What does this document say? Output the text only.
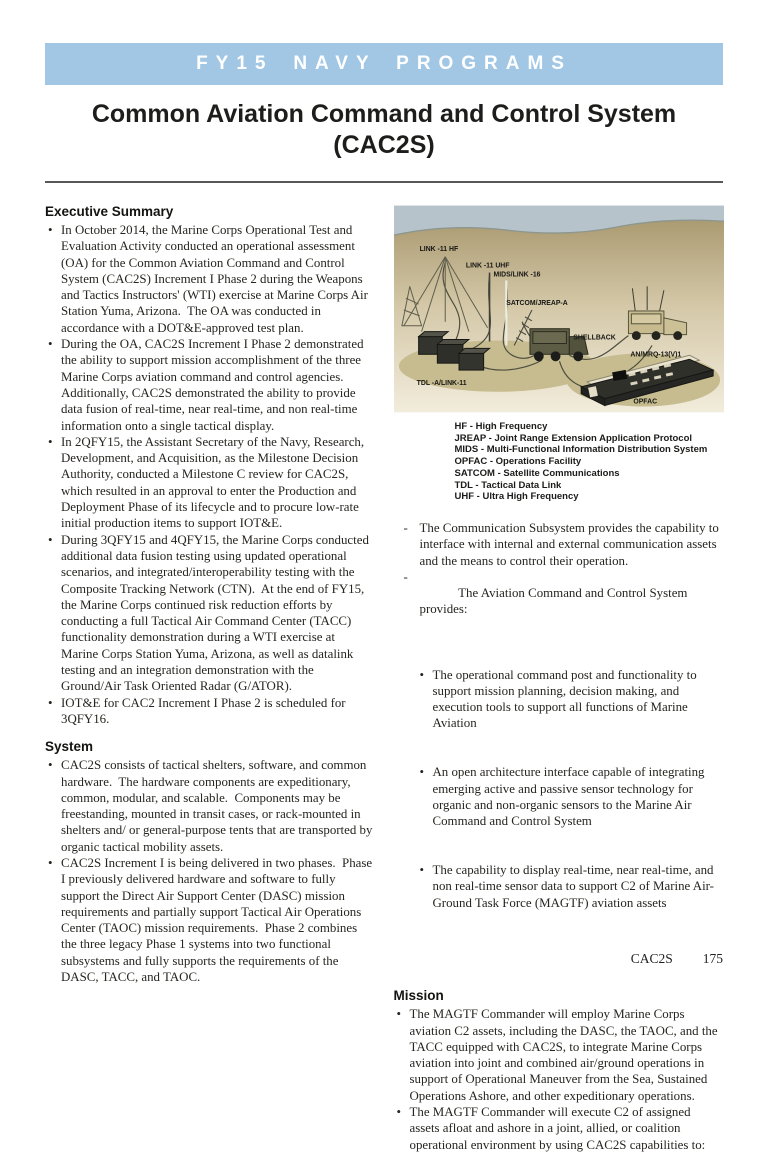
FY15 NAVY PROGRAMS
Common Aviation Command and Control System
(CAC2S)
Executive Summary
• In October 2014, the Marine Corps Operational Test and Evaluation Activity conducted an operational assessment (OA) for the Common Aviation Command and Control System (CAC2S) Increment I Phase 2 during the Weapons and Tactics Instructors' (WTI) exercise at Marine Corps Air Station Yuma, Arizona.  The OA was conducted in accordance with a DOT&E-approved test plan.
• During the OA, CAC2S Increment I Phase 2 demonstrated the ability to support mission accomplishment of the three Marine Corps aviation command and control agencies.  Additionally, CAC2S demonstrated the ability to provide data fusion of real-time, near real-time, and non real-time information onto a single tactical display.
• In 2QFY15, the Assistant Secretary of the Navy, Research, Development, and Acquisition, as the Milestone Decision Authority, conducted a Milestone C review for CAC2S, which resulted in an approval to enter the Production and Deployment Phase of its lifecycle and to procure low-rate initial production items to support IOT&E.
• During 3QFY15 and 4QFY15, the Marine Corps conducted additional data fusion testing using updated operational scenarios, and integrated/interoperability testing with the Composite Tracking Network (CTN).  At the end of FY15, the Marine Corps continued risk reduction efforts by conducting a full Tactical Air Command Center (TACC) functionality demonstration during a WTI exercise at Marine Corps Station Yuma, Arizona, as well as datalink testing and an integration demonstration with the Ground/Air Task Oriented Radar (G/ATOR).
• IOT&E for CAC2 Increment I Phase 2 is scheduled for 3QFY16.
System
• CAC2S consists of tactical shelters, software, and common hardware.  The hardware components are expeditionary, common, modular, and scalable.  Components may be freestanding, mounted in transit cases, or rack-mounted in shelters and/ or general-purpose tents that are transported by organic tactical mobility assets.
• CAC2S Increment I is being delivered in two phases.  Phase I previously delivered hardware and software to fully support the Direct Air Support Center (DASC) mission requirements and partially support Tactical Air Operations Center (TAOC) mission requirements.  Phase 2 combines the three legacy Phase 1 systems into two functional subsystems and fully supports the requirements of the DASC, TACC, and TAOC.
LINK -11 HF
LINK -11 UHF
MIDS/LINK -16
SATCOM/JREAP-A
SHELLBACK
AN/MRQ-13(V)1
TDL -A/LINK-11
OPFAC
HF - High Frequency
JREAP - Joint Range Extension Application Protocol
MIDS - Multi-Functional Information Distribution System
OPFAC - Operations Facility
SATCOM - Satellite Communications
TDL - Tactical Data Link
UHF - Ultra High Frequency
- The Communication Subsystem provides the capability to interface with internal and external communication assets and the means to control their operation.

- The Aviation Command and Control System provides:

• The operational command post and functionality to support mission planning, decision making, and execution tools to support all functions of Marine Aviation

• An open architecture interface capable of integrating emerging active and passive sensor technology for organic and non-organic sensors to the Marine Air Command and Control System

• The capability to display real-time, near real-time, and non real-time sensor data to support C2 of Marine Air-Ground Task Force (MAGTF) aviation assets

Mission
• The MAGTF Commander will employ Marine Corps aviation C2 assets, including the DASC, the TAOC, and the TACC equipped with CAC2S, to integrate Marine Corps aviation into joint and combined air/ground operations in support of Operational Maneuver from the Sea, Sustained Operations Ashore, and other expeditionary operations.
• The MAGTF Commander will execute C2 of assigned assets afloat and ashore in a joint, allied, or coalition operational environment by using CAC2S capabilities to:
CAC2S 175
